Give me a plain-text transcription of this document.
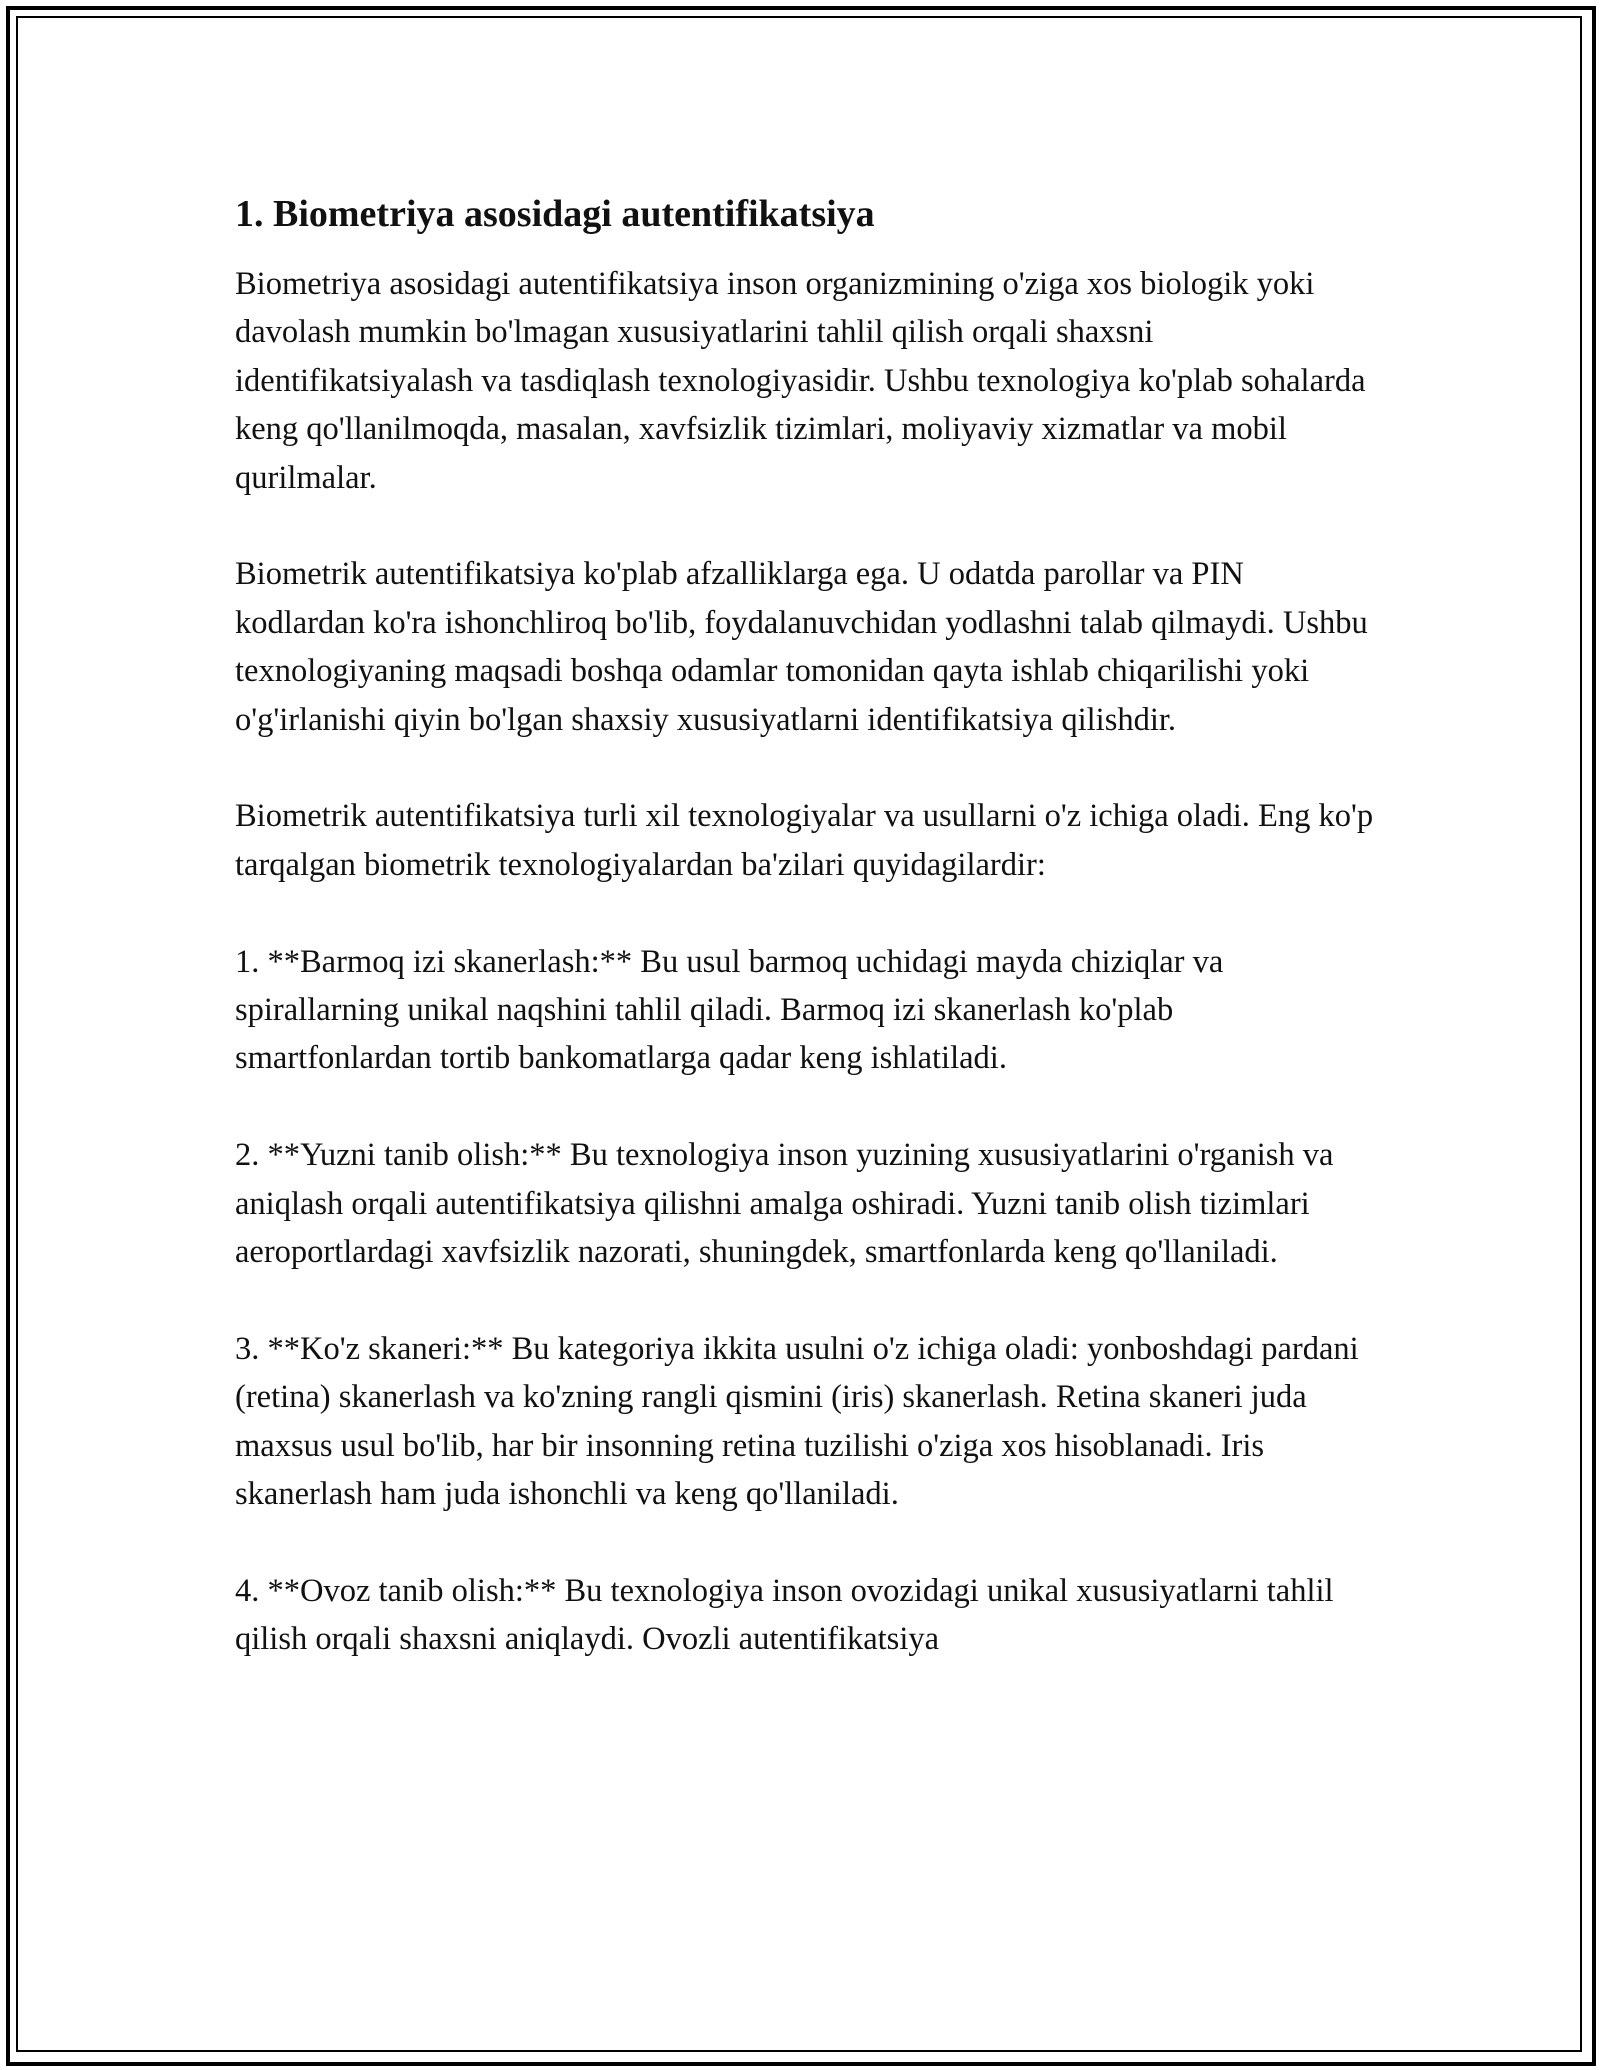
1. Biometriya asosidagi autentifikatsiya

Biometriya asosidagi autentifikatsiya inson organizmining o'ziga xos biologik yoki davolash mumkin bo'lmagan xususiyatlarini tahlil qilish orqali shaxsni identifikatsiyalash va tasdiqlash texnologiyasidir. Ushbu texnologiya ko'plab sohalarda keng qo'llanilmoqda, masalan, xavfsizlik tizimlari, moliyaviy xizmatlar va mobil qurilmalar.

Biometrik autentifikatsiya ko'plab afzalliklarga ega. U odatda parollar va PIN kodlardan ko'ra ishonchliroq bo'lib, foydalanuvchidan yodlashni talab qilmaydi. Ushbu texnologiyaning maqsadi boshqa odamlar tomonidan qayta ishlab chiqarilishi yoki o'g'irlanishi qiyin bo'lgan shaxsiy xususiyatlarni identifikatsiya qilishdir.

Biometrik autentifikatsiya turli xil texnologiyalar va usullarni o'z ichiga oladi. Eng ko'p tarqalgan biometrik texnologiyalardan ba'zilari quyidagilardir:

1. **Barmoq izi skanerlash:** Bu usul barmoq uchidagi mayda chiziqlar va spirallarning unikal naqshini tahlil qiladi. Barmoq izi skanerlash ko'plab smartfonlardan tortib bankomatlarga qadar keng ishlatiladi.

2. **Yuzni tanib olish:** Bu texnologiya inson yuzining xususiyatlarini o'rganish va aniqlash orqali autentifikatsiya qilishni amalga oshiradi. Yuzni tanib olish tizimlari aeroportlardagi xavfsizlik nazorati, shuningdek, smartfonlarda keng qo'llaniladi.

3. **Ko'z skaneri:** Bu kategoriya ikkita usulni o'z ichiga oladi: yonboshdagi pardani (retina) skanerlash va ko'zning rangli qismini (iris) skanerlash. Retina skaneri juda maxsus usul bo'lib, har bir insonning retina tuzilishi o'ziga xos hisoblanadi. Iris skanerlash ham juda ishonchli va keng qo'llaniladi.

4. **Ovoz tanib olish:** Bu texnologiya inson ovozidagi unikal xususiyatlarni tahlil qilish orqali shaxsni aniqlaydi. Ovozli autentifikatsiya
